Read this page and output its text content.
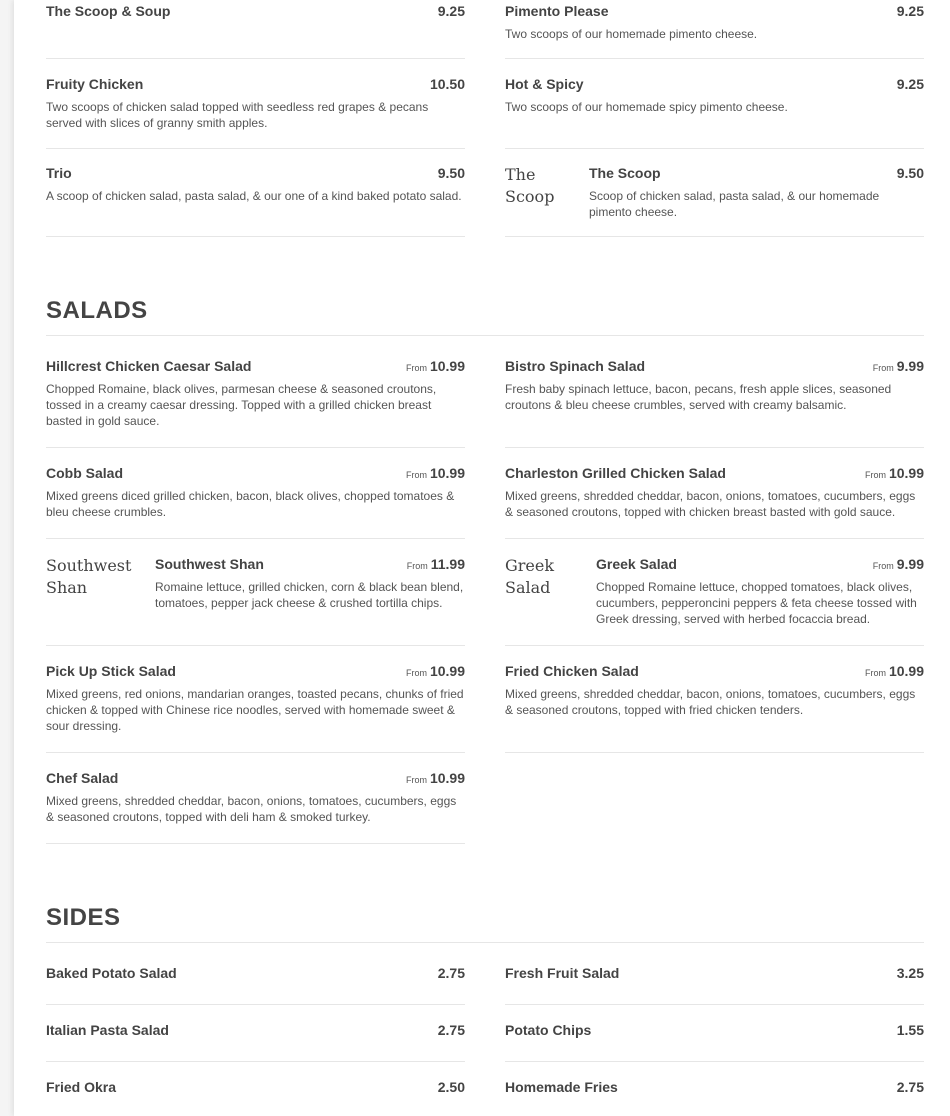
The Scoop & Soup	9.25
Fruity Chicken	10.50
Two scoops of chicken salad topped with seedless red grapes & pecans served with slices of granny smith apples.
Trio	9.50
A scoop of chicken salad, pasta salad, & our one of a kind baked potato salad.
Pimento Please	9.25
Two scoops of our homemade pimento cheese.
Hot & Spicy	9.25
Two scoops of our homemade spicy pimento cheese.
The Scoop
The Scoop	9.50
Scoop of chicken salad, pasta salad, & our homemade pimento cheese.
SALADS
Hillcrest Chicken Caesar Salad	From 10.99
Chopped Romaine, black olives, parmesan cheese & seasoned croutons, tossed in a creamy caesar dressing. Topped with a grilled chicken breast basted in gold sauce.
Cobb Salad	From 10.99
Mixed greens diced grilled chicken, bacon, black olives, chopped tomatoes & bleu cheese crumbles.
Southwest Shan
Southwest Shan	From 11.99
Romaine lettuce, grilled chicken, corn & black bean blend, tomatoes, pepper jack cheese & crushed tortilla chips.
Pick Up Stick Salad	From 10.99
Mixed greens, red onions, mandarian oranges, toasted pecans, chunks of fried chicken & topped with Chinese rice noodles, served with homemade sweet & sour dressing.
Chef Salad	From 10.99
Mixed greens, shredded cheddar, bacon, onions, tomatoes, cucumbers, eggs & seasoned croutons, topped with deli ham & smoked turkey.
Bistro Spinach Salad	From 9.99
Fresh baby spinach lettuce, bacon, pecans, fresh apple slices, seasoned croutons & bleu cheese crumbles, served with creamy balsamic.
Charleston Grilled Chicken Salad	From 10.99
Mixed greens, shredded cheddar, bacon, onions, tomatoes, cucumbers, eggs & seasoned croutons, topped with chicken breast basted with gold sauce.
Greek Salad
Greek Salad	From 9.99
Chopped Romaine lettuce, chopped tomatoes, black olives, cucumbers, pepperoncini peppers & feta cheese tossed with Greek dressing, served with herbed focaccia bread.
Fried Chicken Salad	From 10.99
Mixed greens, shredded cheddar, bacon, onions, tomatoes, cucumbers, eggs & seasoned croutons, topped with fried chicken tenders.
SIDES
Baked Potato Salad	2.75
Italian Pasta Salad	2.75
Fried Okra	2.50
Fresh Fruit Salad	3.25
Potato Chips	1.55
Homemade Fries	2.75
